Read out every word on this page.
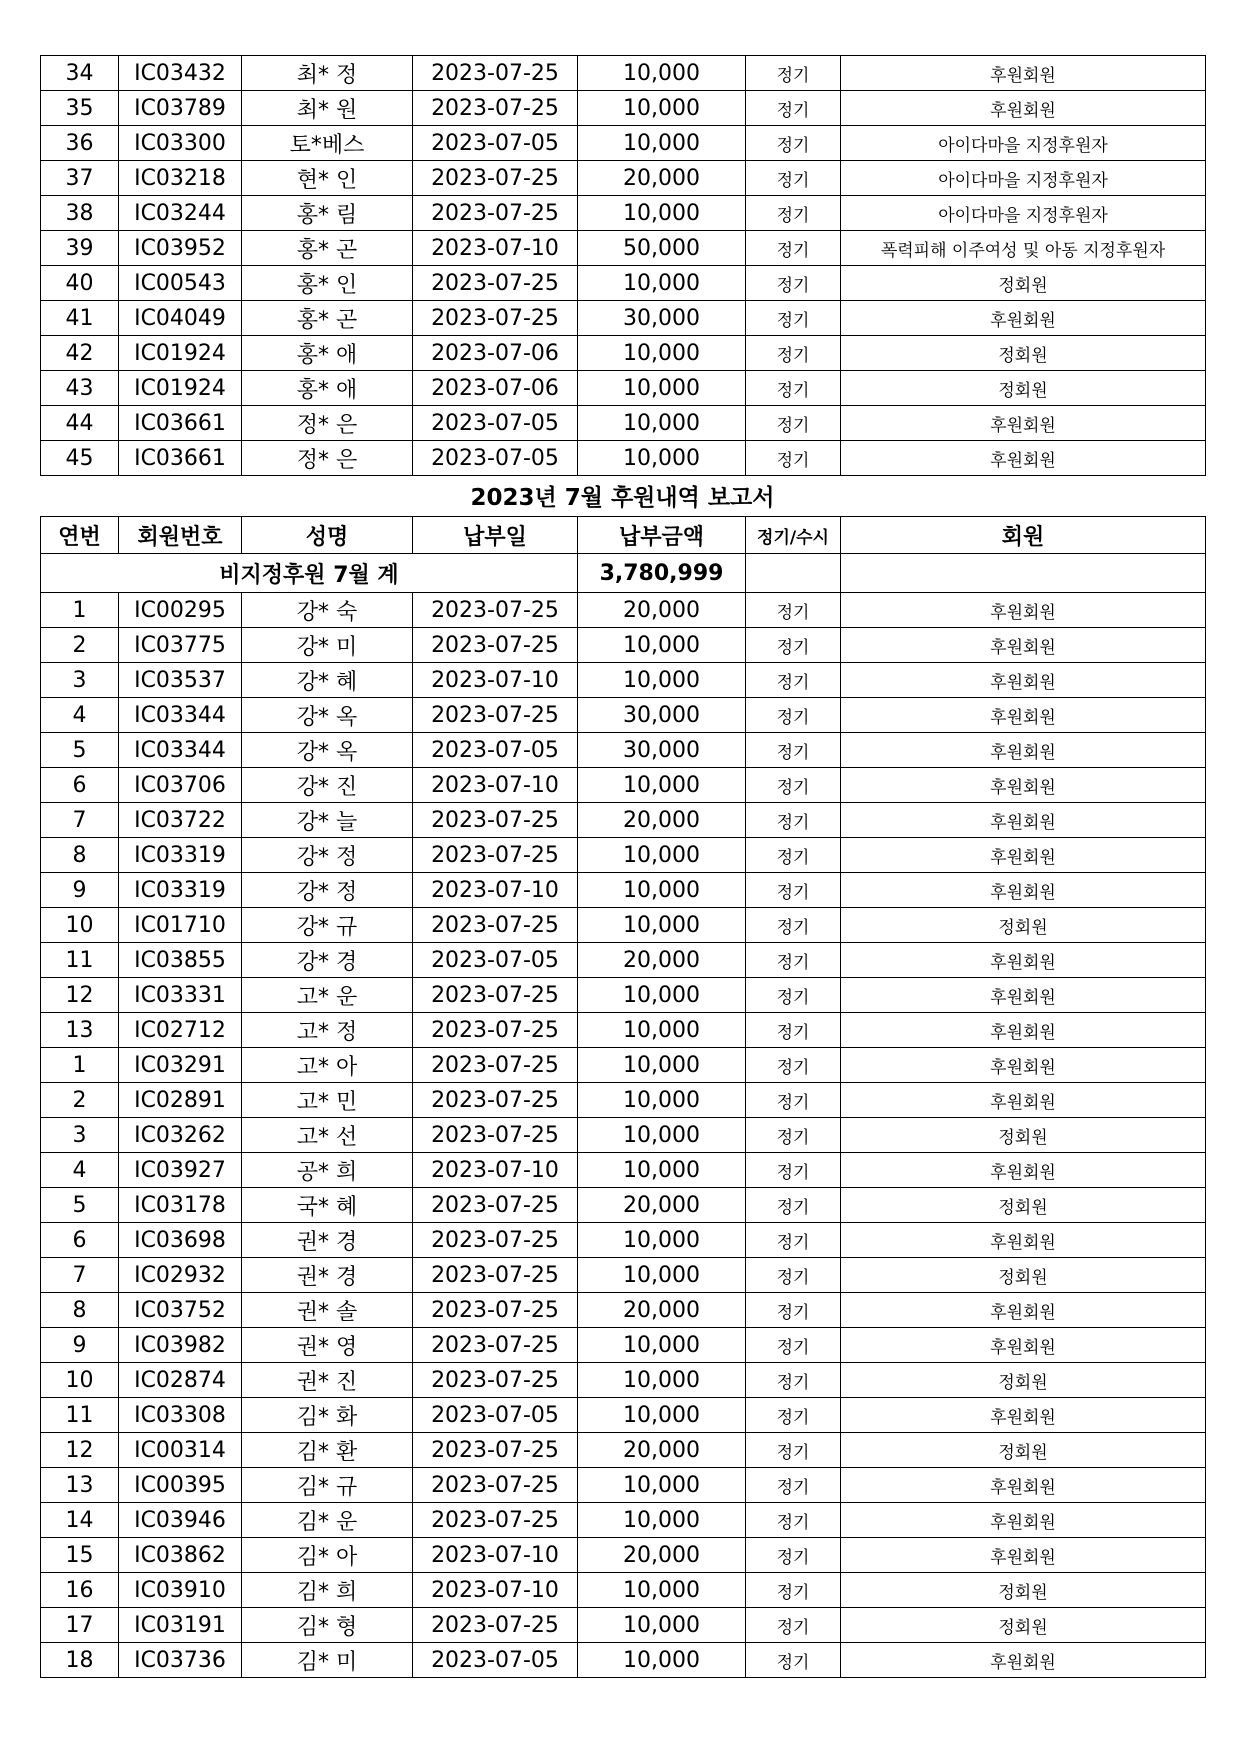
34	IC03432	최* 정	2023-07-25	10,000	정기	후원회원
35	IC03789	최* 원	2023-07-25	10,000	정기	후원회원
36	IC03300	토*베스	2023-07-05	10,000	정기	아이다마을 지정후원자
37	IC03218	현* 인	2023-07-25	20,000	정기	아이다마을 지정후원자
38	IC03244	홍* 림	2023-07-25	10,000	정기	아이다마을 지정후원자
39	IC03952	홍* 곤	2023-07-10	50,000	정기	폭력피해 이주여성 및 아동 지정후원자
40	IC00543	홍* 인	2023-07-25	10,000	정기	정회원
41	IC04049	홍* 곤	2023-07-25	30,000	정기	후원회원
42	IC01924	홍* 애	2023-07-06	10,000	정기	정회원
43	IC01924	홍* 애	2023-07-06	10,000	정기	정회원
44	IC03661	정* 은	2023-07-05	10,000	정기	후원회원
45	IC03661	정* 은	2023-07-05	10,000	정기	후원회원
2023년 7월 후원내역 보고서
연번	회원번호	성명	납부일	납부금액	정기/수시	회원
비지정후원 7월 계				3,780,999		
1	IC00295	강* 숙	2023-07-25	20,000	정기	후원회원
2	IC03775	강* 미	2023-07-25	10,000	정기	후원회원
3	IC03537	강* 혜	2023-07-10	10,000	정기	후원회원
4	IC03344	강* 옥	2023-07-25	30,000	정기	후원회원
5	IC03344	강* 옥	2023-07-05	30,000	정기	후원회원
6	IC03706	강* 진	2023-07-10	10,000	정기	후원회원
7	IC03722	강* 늘	2023-07-25	20,000	정기	후원회원
8	IC03319	강* 정	2023-07-25	10,000	정기	후원회원
9	IC03319	강* 정	2023-07-10	10,000	정기	후원회원
10	IC01710	강* 규	2023-07-25	10,000	정기	정회원
11	IC03855	강* 경	2023-07-05	20,000	정기	후원회원
12	IC03331	고* 운	2023-07-25	10,000	정기	후원회원
13	IC02712	고* 정	2023-07-25	10,000	정기	후원회원
1	IC03291	고* 아	2023-07-25	10,000	정기	후원회원
2	IC02891	고* 민	2023-07-25	10,000	정기	후원회원
3	IC03262	고* 선	2023-07-25	10,000	정기	정회원
4	IC03927	공* 희	2023-07-10	10,000	정기	후원회원
5	IC03178	국* 혜	2023-07-25	20,000	정기	정회원
6	IC03698	권* 경	2023-07-25	10,000	정기	후원회원
7	IC02932	권* 경	2023-07-25	10,000	정기	정회원
8	IC03752	권* 솔	2023-07-25	20,000	정기	후원회원
9	IC03982	권* 영	2023-07-25	10,000	정기	후원회원
10	IC02874	권* 진	2023-07-25	10,000	정기	정회원
11	IC03308	김* 화	2023-07-05	10,000	정기	후원회원
12	IC00314	김* 환	2023-07-25	20,000	정기	정회원
13	IC00395	김* 규	2023-07-25	10,000	정기	후원회원
14	IC03946	김* 운	2023-07-25	10,000	정기	후원회원
15	IC03862	김* 아	2023-07-10	20,000	정기	후원회원
16	IC03910	김* 희	2023-07-10	10,000	정기	정회원
17	IC03191	김* 형	2023-07-25	10,000	정기	정회원
18	IC03736	김* 미	2023-07-05	10,000	정기	후원회원
